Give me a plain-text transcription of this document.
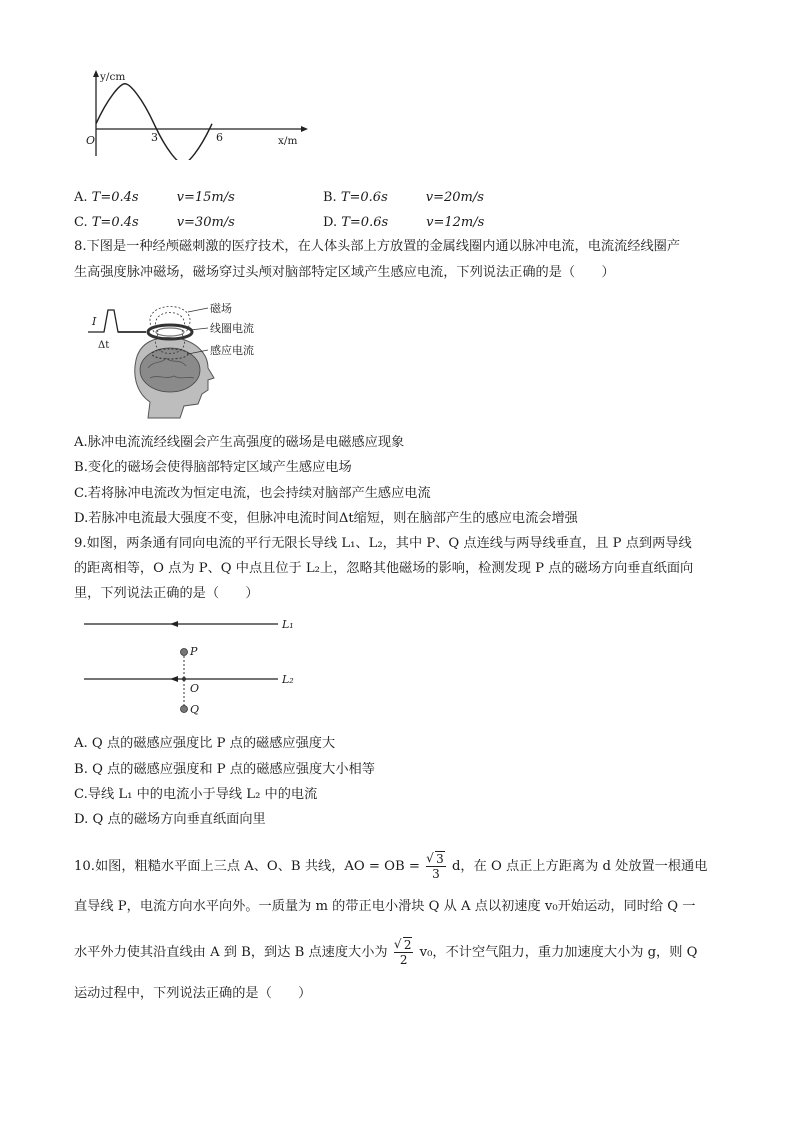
y/cm
O	3	6	x/m
A. T=0.4s	v=15m/s	B. T=0.6s	v=20m/s
C. T=0.4s	v=30m/s	D. T=0.6s	v=12m/s
8.下图是一种经颅磁刺激的医疗技术，在人体头部上方放置的金属线圈内通以脉冲电流，电流流经线圈产
生高强度脉冲磁场，磁场穿过头颅对脑部特定区域产生感应电流，下列说法正确的是（　　）
I
Δt
磁场
线圈电流
感应电流
A.脉冲电流流经线圈会产生高强度的磁场是电磁感应现象
B.变化的磁场会使得脑部特定区域产生感应电场
C.若将脉冲电流改为恒定电流，也会持续对脑部产生感应电流
D.若脉冲电流最大强度不变，但脉冲电流时间Δt缩短，则在脑部产生的感应电流会增强
9.如图，两条通有同向电流的平行无限长导线 L₁、L₂，其中 P、Q 点连线与两导线垂直，且 P 点到两导线
的距离相等，O 点为 P、Q 中点且位于 L₂上，忽略其他磁场的影响，检测发现 P 点的磁场方向垂直纸面向
里，下列说法正确的是（　　）
L₁
L₂
P
O
Q
A. Q 点的磁感应强度比 P 点的磁感应强度大
B. Q 点的磁感应强度和 P 点的磁感应强度大小相等
C.导线 L₁ 中的电流小于导线 L₂ 中的电流
D. Q 点的磁场方向垂直纸面向里
10.如图，粗糙水平面上三点 A、O、B 共线，AO = OB = √ $\frac{3}{3}$ d，在 O 点正上方距离为 d 处放置一根通电
直导线 P，电流方向水平向外。一质量为 m 的带正电小滑块 Q 从 A 点以初速度 v₀开始运动，同时给 Q 一
水平外力使其沿直线由 A 到 B，到达 B 点速度大小为 √ $\frac{2}{2} v_0$，不计空气阻力，重力加速度大小为 g，则 Q
运动过程中，下列说法正确的是（　　）
